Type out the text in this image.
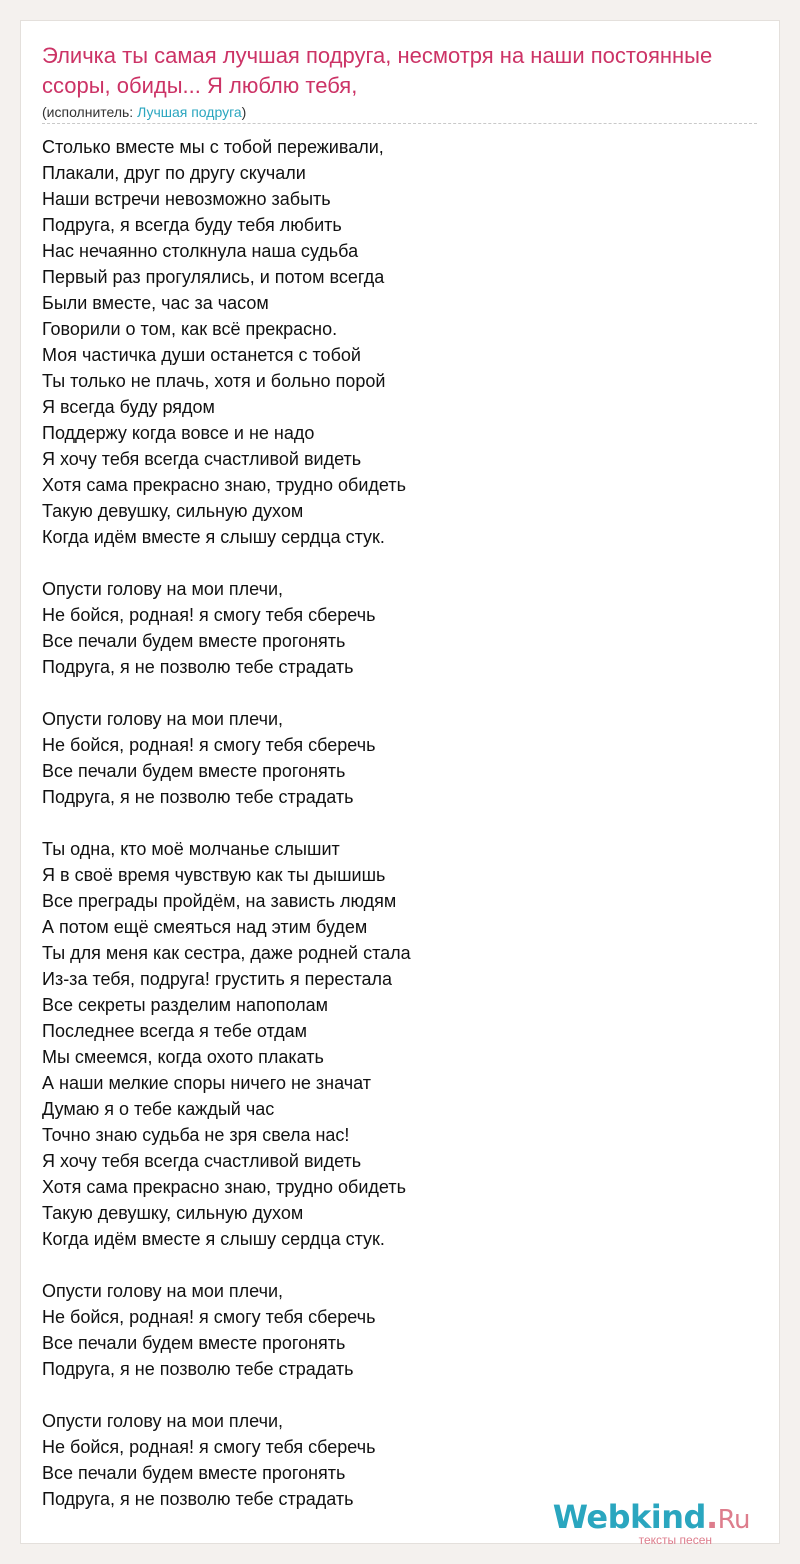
Эличка ты самая лучшая подруга, несмотря на наши постоянные ссоры, обиды... Я люблю тебя,
(исполнитель: Лучшая подруга)
Столько вместе мы с тобой переживали,
Плакали, друг по другу скучали
Наши встречи невозможно забыть
Подруга, я всегда буду тебя любить
Нас нечаянно столкнула наша судьба
Первый раз прогулялись, и потом всегда
Были вместе, час за часом
Говорили о том, как всё прекрасно.
Моя частичка души останется с тобой
Ты только не плачь, хотя и больно порой
Я всегда буду рядом
Поддержу когда вовсе и не надо
Я хочу тебя всегда счастливой видеть
Хотя сама прекрасно знаю, трудно обидеть
Такую девушку, сильную духом
Когда идём вместе я слышу сердца стук.
Опусти голову на мои плечи,
Не бойся, родная! я смогу тебя сберечь
Все печали будем вместе прогонять
Подруга, я не позволю тебе страдать
Опусти голову на мои плечи,
Не бойся, родная! я смогу тебя сберечь
Все печали будем вместе прогонять
Подруга, я не позволю тебе страдать
Ты одна, кто моё молчанье слышит
Я в своё время чувствую как ты дышишь
Все преграды пройдём, на зависть людям
А потом ещё смеяться над этим будем
Ты для меня как сестра, даже родней стала
Из-за тебя, подруга! грустить я перестала
Все секреты разделим напополам
Последнее всегда я тебе отдам
Мы смеемся, когда охото плакать
А наши мелкие споры ничего не значат
Думаю я о тебе каждый час
Точно знаю судьба не зря свела нас!
Я хочу тебя всегда счастливой видеть
Хотя сама прекрасно знаю, трудно обидеть
Такую девушку, сильную духом
Когда идём вместе я слышу сердца стук.
Опусти голову на мои плечи,
Не бойся, родная! я смогу тебя сберечь
Все печали будем вместе прогонять
Подруга, я не позволю тебе страдать
Опусти голову на мои плечи,
Не бойся, родная! я смогу тебя сберечь
Все печали будем вместе прогонять
Подруга, я не позволю тебе страдать	Webkind.Ru
тексты песен
